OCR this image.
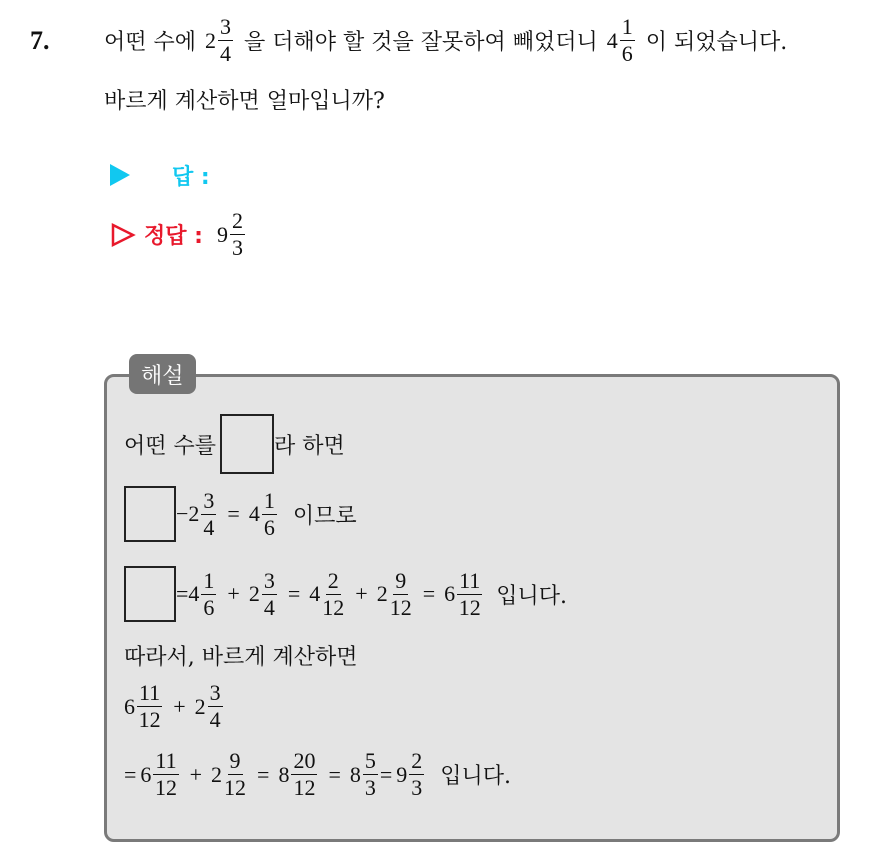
7. 어떤 수에 $2 \frac{3}{4}$ 을 더해야 할 것을 잘못하여 빼었더니 $4 \frac{1}{6}$ 이 되었습니다.
바르게 계산하면 얼마입니까?
답 :
정답 : $9 \frac{2}{3}$
해설
어떤 수를	라 하면
− $2 \frac{3}{4} = 4 \frac{1}{6}$ 이므로
= $4 \frac{1}{6} + 2 \frac{3}{4} = 4 \frac{2}{12} + 2 \frac{9}{12} = 6 \frac{11}{12}$ 입니다.
따라서, 바르게 계산하면
$6 \frac{11}{12} + 2 \frac{3}{4}$
= $6 \frac{11}{12} + 2 \frac{9}{12} = 8 \frac{20}{12} = 8 \frac{5}{3} = 9 \frac{2}{3}$ 입니다.
